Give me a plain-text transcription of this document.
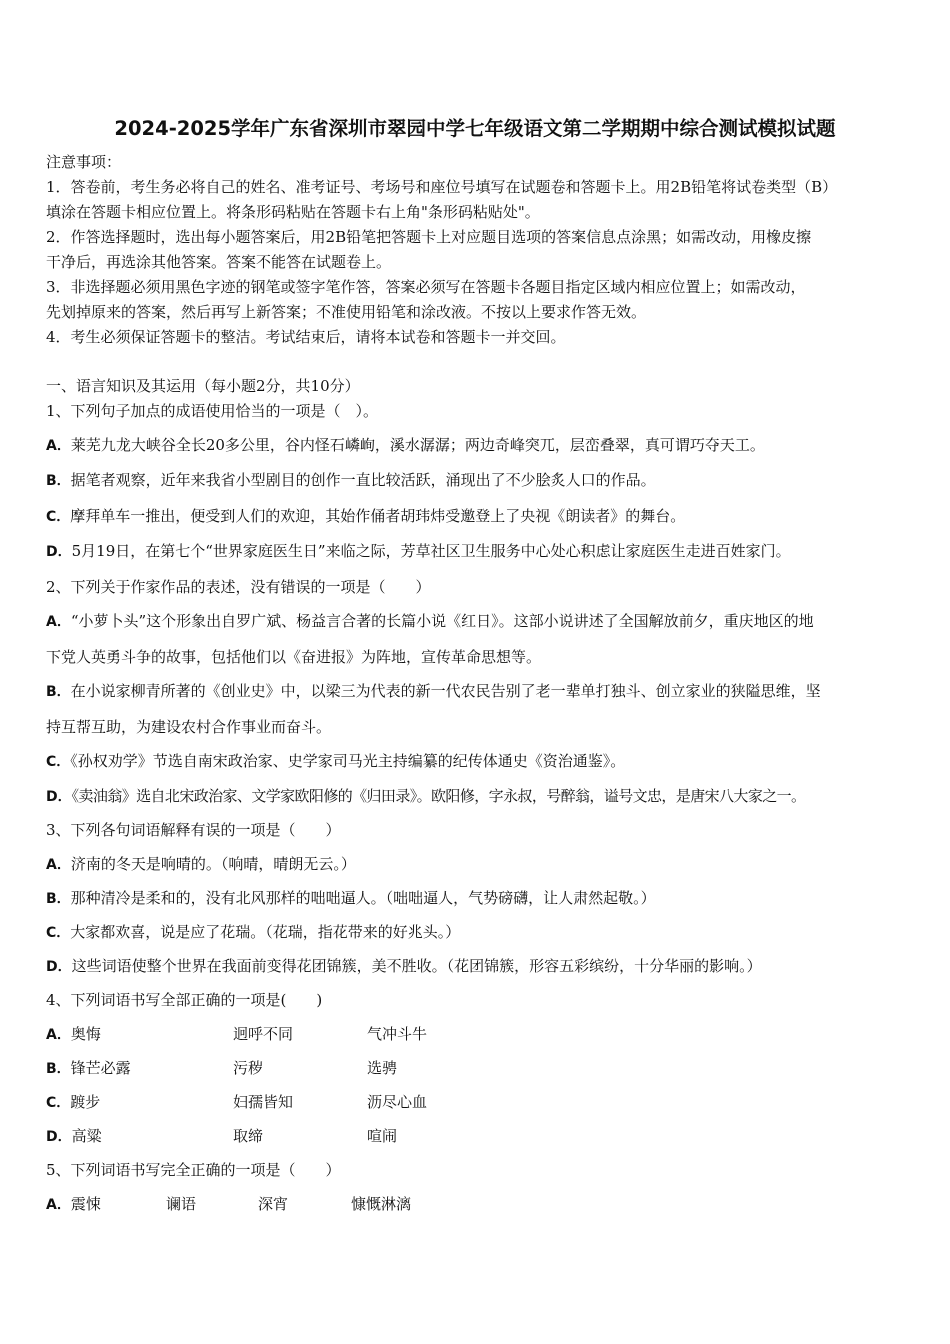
2024-2025学年广东省深圳市翠园中学七年级语文第二学期期中综合测试模拟试题
注意事项：
1．答卷前，考生务必将自己的姓名、准考证号、考场号和座位号填写在试题卷和答题卡上。用2B铅笔将试卷类型（B）
填涂在答题卡相应位置上。将条形码粘贴在答题卡右上角"条形码粘贴处"。
2．作答选择题时，选出每小题答案后，用2B铅笔把答题卡上对应题目选项的答案信息点涂黑；如需改动，用橡皮擦
干净后，再选涂其他答案。答案不能答在试题卷上。
3．非选择题必须用黑色字迹的钢笔或签字笔作答，答案必须写在答题卡各题目指定区域内相应位置上；如需改动，
先划掉原来的答案，然后再写上新答案；不准使用铅笔和涂改液。不按以上要求作答无效。
4．考生必须保证答题卡的整洁。考试结束后，请将本试卷和答题卡一并交回。
一、语言知识及其运用（每小题2分，共10分）
1、下列句子加点的成语使用恰当的一项是（　）。
A．莱芜九龙大峡谷全长20多公里，谷内怪石嶙峋，溪水潺潺；两边奇峰突兀，层峦叠翠，真可谓巧夺天工。
B．据笔者观察，近年来我省小型剧目的创作一直比较活跃，涌现出了不少脍炙人口的作品。
C．摩拜单车一推出，便受到人们的欢迎，其始作俑者胡玮炜受邀登上了央视《朗读者》的舞台。
D．5月19日，在第七个“世界家庭医生日”来临之际，芳草社区卫生服务中心处心积虑让家庭医生走进百姓家门。
2、下列关于作家作品的表述，没有错误的一项是（　　）
A．“小萝卜头”这个形象出自罗广斌、杨益言合著的长篇小说《红日》。这部小说讲述了全国解放前夕，重庆地区的地
下党人英勇斗争的故事，包括他们以《奋进报》为阵地，宣传革命思想等。
B．在小说家柳青所著的《创业史》中，以梁三为代表的新一代农民告别了老一辈单打独斗、创立家业的狭隘思维，坚
持互帮互助，为建设农村合作事业而奋斗。
C．《孙权劝学》节选自南宋政治家、史学家司马光主持编纂的纪传体通史《资治通鉴》。
D．《卖油翁》选自北宋政治家、文学家欧阳修的《归田录》。欧阳修，字永叔，号醉翁，谥号文忠，是唐宋八大家之一。
3、下列各句词语解释有误的一项是（　　）
A．济南的冬天是响晴的。（响晴，晴朗无云。）
B．那种清冷是柔和的，没有北风那样的咄咄逼人。（咄咄逼人，气势磅礴，让人肃然起敬。）
C．大家都欢喜，说是应了花瑞。（花瑞，指花带来的好兆头。）
D．这些词语使整个世界在我面前变得花团锦簇，美不胜收。（花团锦簇，形容五彩缤纷，十分华丽的影响。）
4、下列词语书写全部正确的一项是(　　)
A．奥悔	迥呼不同	气冲斗牛
B．锋芒必露	污秽	选骋
C．踱步	妇孺皆知	沥尽心血
D．高粱	取缔	喧闹
5、下列词语书写完全正确的一项是（　　）
A．震悚	谰语	深宵	慷慨淋漓
